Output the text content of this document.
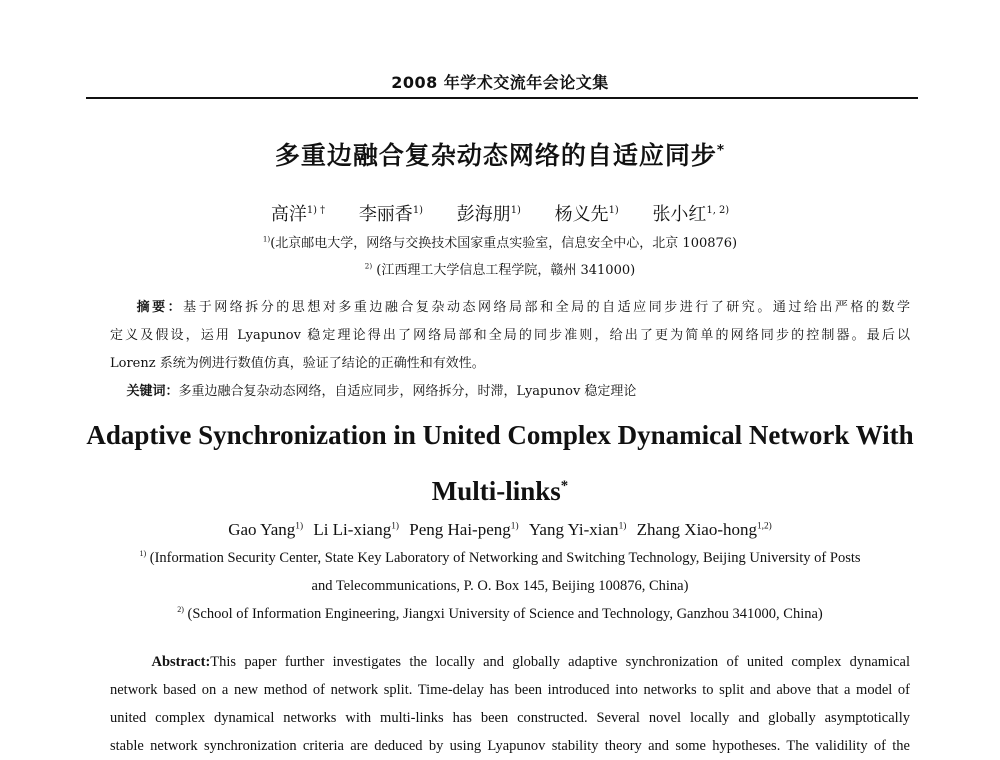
2008 年学术交流年会论文集
多重边融合复杂动态网络的自适应同步*
高洋$^{1) \dagger}$ 李丽香$^{1)}$ 彭海朋$^{1)}$ 杨义先$^{1)}$ 张小红$^{1, 2)}$
$^{1)}$(北京邮电大学，网络与交换技术国家重点实验室，信息安全中心，北京 100876)
$^{2)}$ (江西理工大学信息工程学院，赣州 341000)
摘要：基于网络拆分的思想对多重边融合复杂动态网络局部和全局的自适应同步进行了研究。通过给出严格的数学
定义及假设，运用 Lyapunov 稳定理论得出了网络局部和全局的同步准则，给出了更为简单的网络同步的控制器。最后以
Lorenz 系统为例进行数值仿真，验证了结论的正确性和有效性。
关键词：多重边融合复杂动态网络，自适应同步，网络拆分，时滞，Lyapunov 稳定理论
Adaptive Synchronization in United Complex Dynamical Network With
Multi-links*
Gao Yang$^{1)}$ Li Li-xiang$^{1)}$ Peng Hai-peng$^{1)}$ Yang Yi-xian$^{1)}$ Zhang Xiao-hong$^{1,2)}$
$^{1)}$ (Information Security Center, State Key Laboratory of Networking and Switching Technology, Beijing University of Posts
and Telecommunications, P. O. Box 145, Beijing 100876, China)
$^{2)}$ (School of Information Engineering, Jiangxi University of Science and Technology, Ganzhou 341000, China)
Abstract:This paper further investigates the locally and globally adaptive synchronization of united complex dynamical
network based on a new method of network split. Time-delay has been introduced into networks to split and above that a model of
united complex dynamical networks with multi-links has been constructed. Several novel locally and globally asymptotically
stable network synchronization criteria are deduced by using Lyapunov stability theory and some hypotheses. The validility of the
